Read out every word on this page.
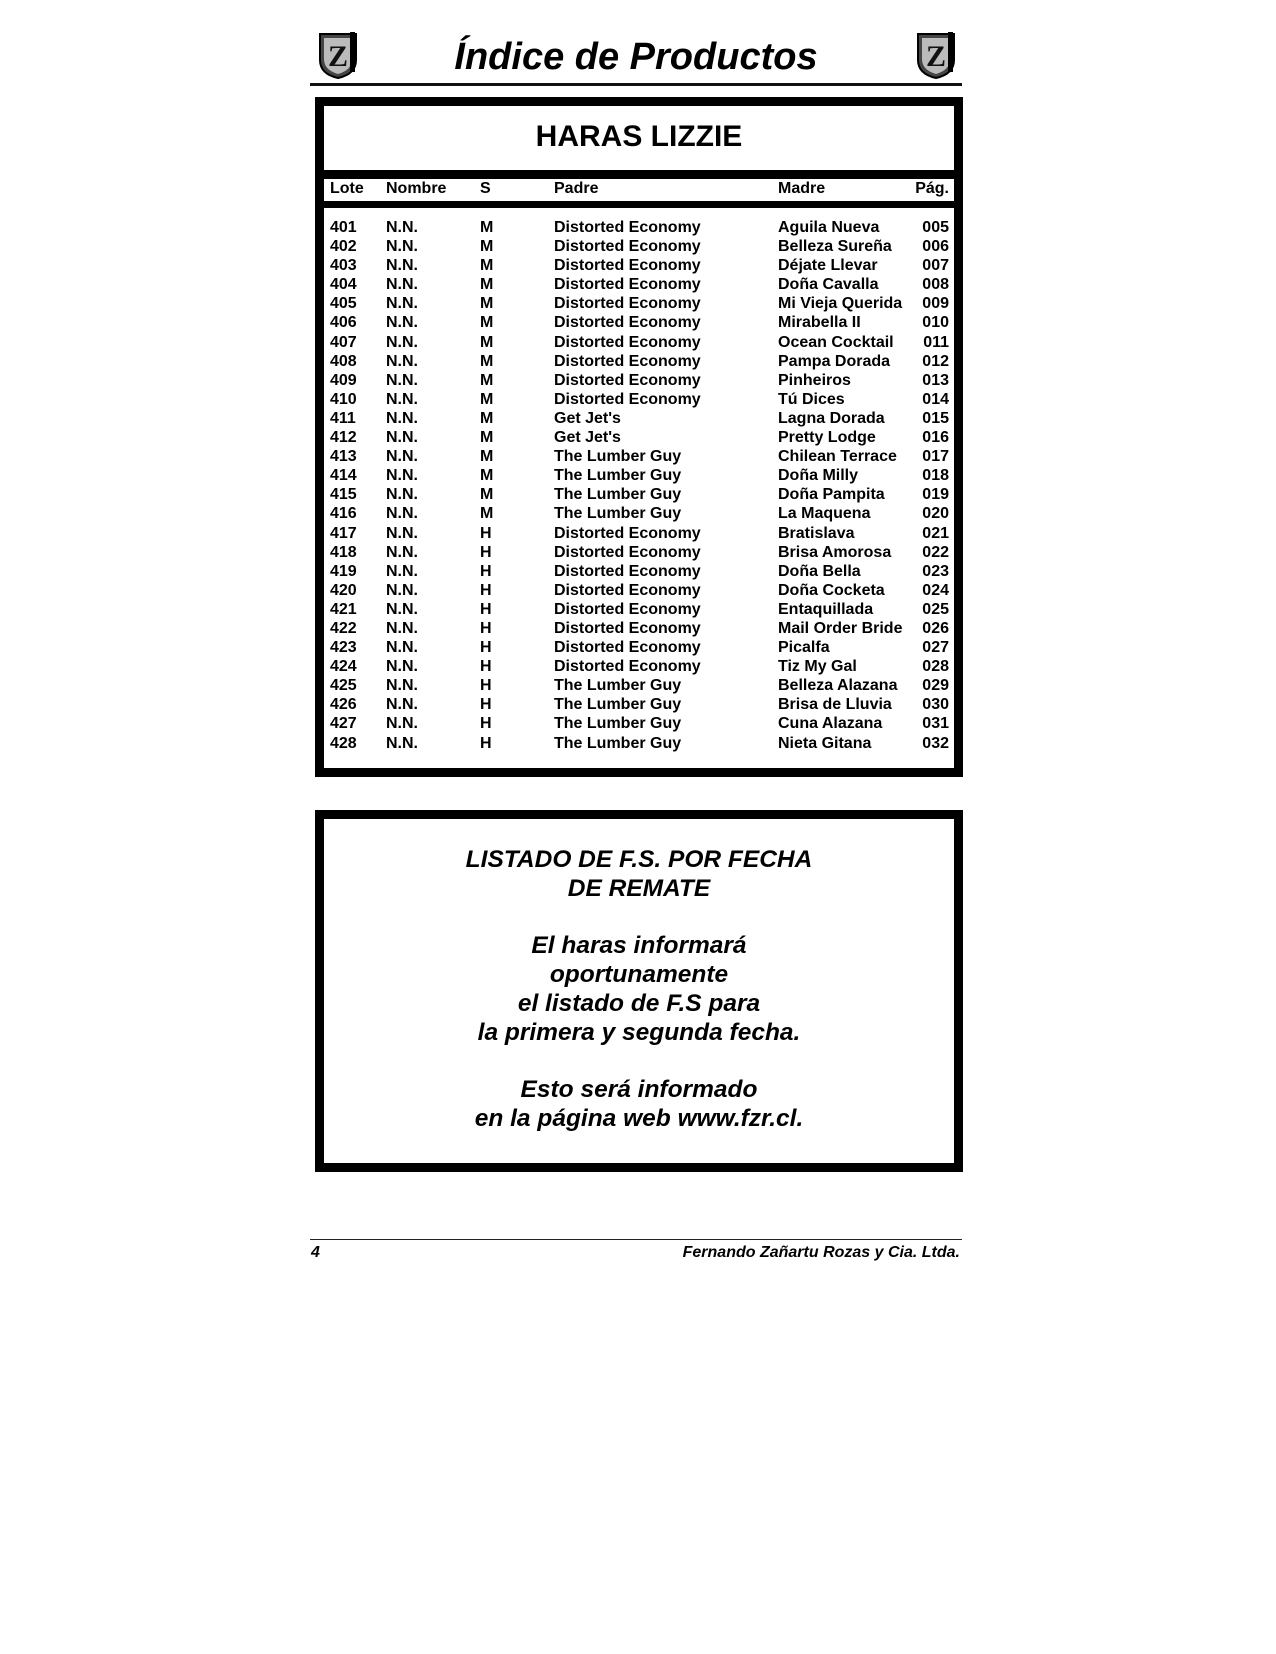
Z	Índice de Productos	Z
HARAS LIZZIE
Lote Nombre S	Padre	Madre	Pág.
401 N.N.	M	Distorted Economy	Aguila Nueva	005
402 N.N.	M	Distorted Economy	Belleza Sureña 006
403 N.N.	M	Distorted Economy	Déjate Llevar	007
404 N.N.	M	Distorted Economy	Doña Cavalla	008
405 N.N.	M	Distorted Economy	Mi Vieja Querida 009
406 N.N.	M	Distorted Economy	Mirabella II	010
407 N.N.	M	Distorted Economy	Ocean Cocktail 011
408 N.N.	M	Distorted Economy	Pampa Dorada 012
409 N.N.	M	Distorted Economy	Pinheiros	013
410 N.N.	M	Distorted Economy	Tú Dices	014
411 N.N.	M	Get Jet's	Lagna Dorada 015
412 N.N.	M	Get Jet's	Pretty Lodge	016
413 N.N.	M	The Lumber Guy	Chilean Terrace 017
414 N.N.	M	The Lumber Guy	Doña Milly	018
415 N.N.	M	The Lumber Guy	Doña Pampita 019
416 N.N.	M	The Lumber Guy	La Maquena	020
417 N.N.	H	Distorted Economy	Bratislava	021
418 N.N.	H	Distorted Economy	Brisa Amorosa 022
419 N.N.	H	Distorted Economy	Doña Bella	023
420 N.N.	H	Distorted Economy	Doña Cocketa 024
421 N.N.	H	Distorted Economy	Entaquillada	025
422 N.N.	H	Distorted Economy	Mail Order Bride 026
423 N.N.	H	Distorted Economy	Picalfa	027
424 N.N.	H	Distorted Economy	Tiz My Gal	028
425 N.N.	H	The Lumber Guy	Belleza Alazana 029
426 N.N.	H	The Lumber Guy	Brisa de Lluvia 030
427 N.N.	H	The Lumber Guy	Cuna Alazana 031
428 N.N.	H	The Lumber Guy	Nieta Gitana	032
LISTADO DE F.S. POR FECHA
DE REMATE
El haras informará
oportunamente
el listado de F.S para
la primera y segunda fecha.
Esto será informado
en la página web www.fzr.cl.
4	Fernando Zañartu Rozas y Cia. Ltda.
